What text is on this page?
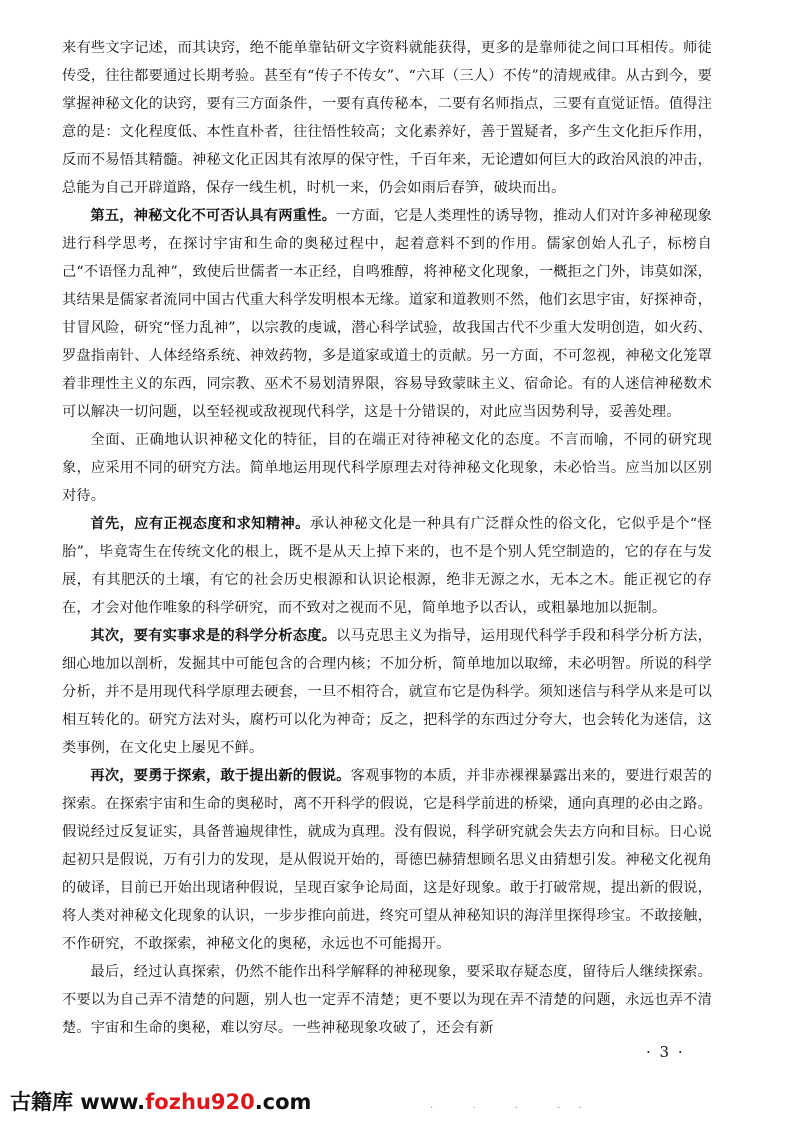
来有些文字记述，而其诀窍，绝不能单靠钻研文字资料就能获得，更多的是靠师徒之间口耳相传。师徒传受，往往都要通过长期考验。甚至有“传子不传女”、“六耳（三人）不传”的清规戒律。从古到今，要掌握神秘文化的诀窍，要有三方面条件，一要有真传秘本，二要有名师指点，三要有直觉证悟。值得注意的是：文化程度低、本性直朴者，往往悟性较高；文化素养好，善于置疑者，多产生文化拒斥作用，反而不易悟其精髓。神秘文化正因其有浓厚的保守性，千百年来，无论遭如何巨大的政治风浪的冲击，总能为自己开辟道路，保存一线生机，时机一来，仍会如雨后春笋，破块而出。

第五，神秘文化不可否认具有两重性。一方面，它是人类理性的诱导物，推动人们对许多神秘现象进行科学思考，在探讨宇宙和生命的奥秘过程中，起着意料不到的作用。儒家创始人孔子，标榜自己“不语怪力乱神”，致使后世儒者一本正经，自鸣雅醇，将神秘文化现象，一概拒之门外，讳莫如深，其结果是儒家者流同中国古代重大科学发明根本无缘。道家和道教则不然，他们玄思宇宙，好探神奇，甘冒风险，研究“怪力乱神”，以宗教的虔诚，潜心科学试验，故我国古代不少重大发明创造，如火药、罗盘指南针、人体经络系统、神效药物，多是道家或道士的贡献。另一方面，不可忽视，神秘文化笼罩着非理性主义的东西，同宗教、巫术不易划清界限，容易导致蒙昧主义、宿命论。有的人迷信神秘数术可以解决一切问题，以至轻视或敌视现代科学，这是十分错误的，对此应当因势利导，妥善处理。

全面、正确地认识神秘文化的特征，目的在端正对待神秘文化的态度。不言而喻，不同的研究现象，应采用不同的研究方法。简单地运用现代科学原理去对待神秘文化现象，未必恰当。应当加以区别对待。

首先，应有正视态度和求知精神。承认神秘文化是一种具有广泛群众性的俗文化，它似乎是个“怪胎”，毕竟寄生在传统文化的根上，既不是从天上掉下来的，也不是个别人凭空制造的，它的存在与发展，有其肥沃的土壤，有它的社会历史根源和认识论根源，绝非无源之水，无本之木。能正视它的存在，才会对他作唯象的科学研究，而不致对之视而不见，简单地予以否认，或粗暴地加以扼制。

其次，要有实事求是的科学分析态度。以马克思主义为指导，运用现代科学手段和科学分析方法，细心地加以剖析，发掘其中可能包含的合理内核；不加分析，简单地加以取缔，未必明智。所说的科学分析，并不是用现代科学原理去硬套，一旦不相符合，就宣布它是伪科学。须知迷信与科学从来是可以相互转化的。研究方法对头，腐朽可以化为神奇；反之，把科学的东西过分夸大，也会转化为迷信，这类事例，在文化史上屡见不鲜。

再次，要勇于探索，敢于提出新的假说。客观事物的本质，并非赤裸裸暴露出来的，要进行艰苦的探索。在探索宇宙和生命的奥秘时，离不开科学的假说，它是科学前进的桥梁，通向真理的必由之路。假说经过反复证实，具备普遍规律性，就成为真理。没有假说，科学研究就会失去方向和目标。日心说起初只是假说，万有引力的发现，是从假说开始的，哥德巴赫猜想顾名思义由猜想引发。神秘文化视角的破译，目前已开始出现诸种假说，呈现百家争论局面，这是好现象。敢于打破常规，提出新的假说，将人类对神秘文化现象的认识，一步步推向前进，终究可望从神秘知识的海洋里探得珍宝。不敢接触，不作研究，不敢探索，神秘文化的奥秘，永远也不可能揭开。

最后，经过认真探索，仍然不能作出科学解释的神秘现象，要采取存疑态度，留待后人继续探索。不要以为自己弄不清楚的问题，别人也一定弄不清楚；更不要以为现在弄不清楚的问题，永远也弄不清楚。宇宙和生命的奥秘，难以穷尽。一些神秘现象攻破了，还会有新

· 3 ·
古籍库 www.fozhu920.com	. . . ..
